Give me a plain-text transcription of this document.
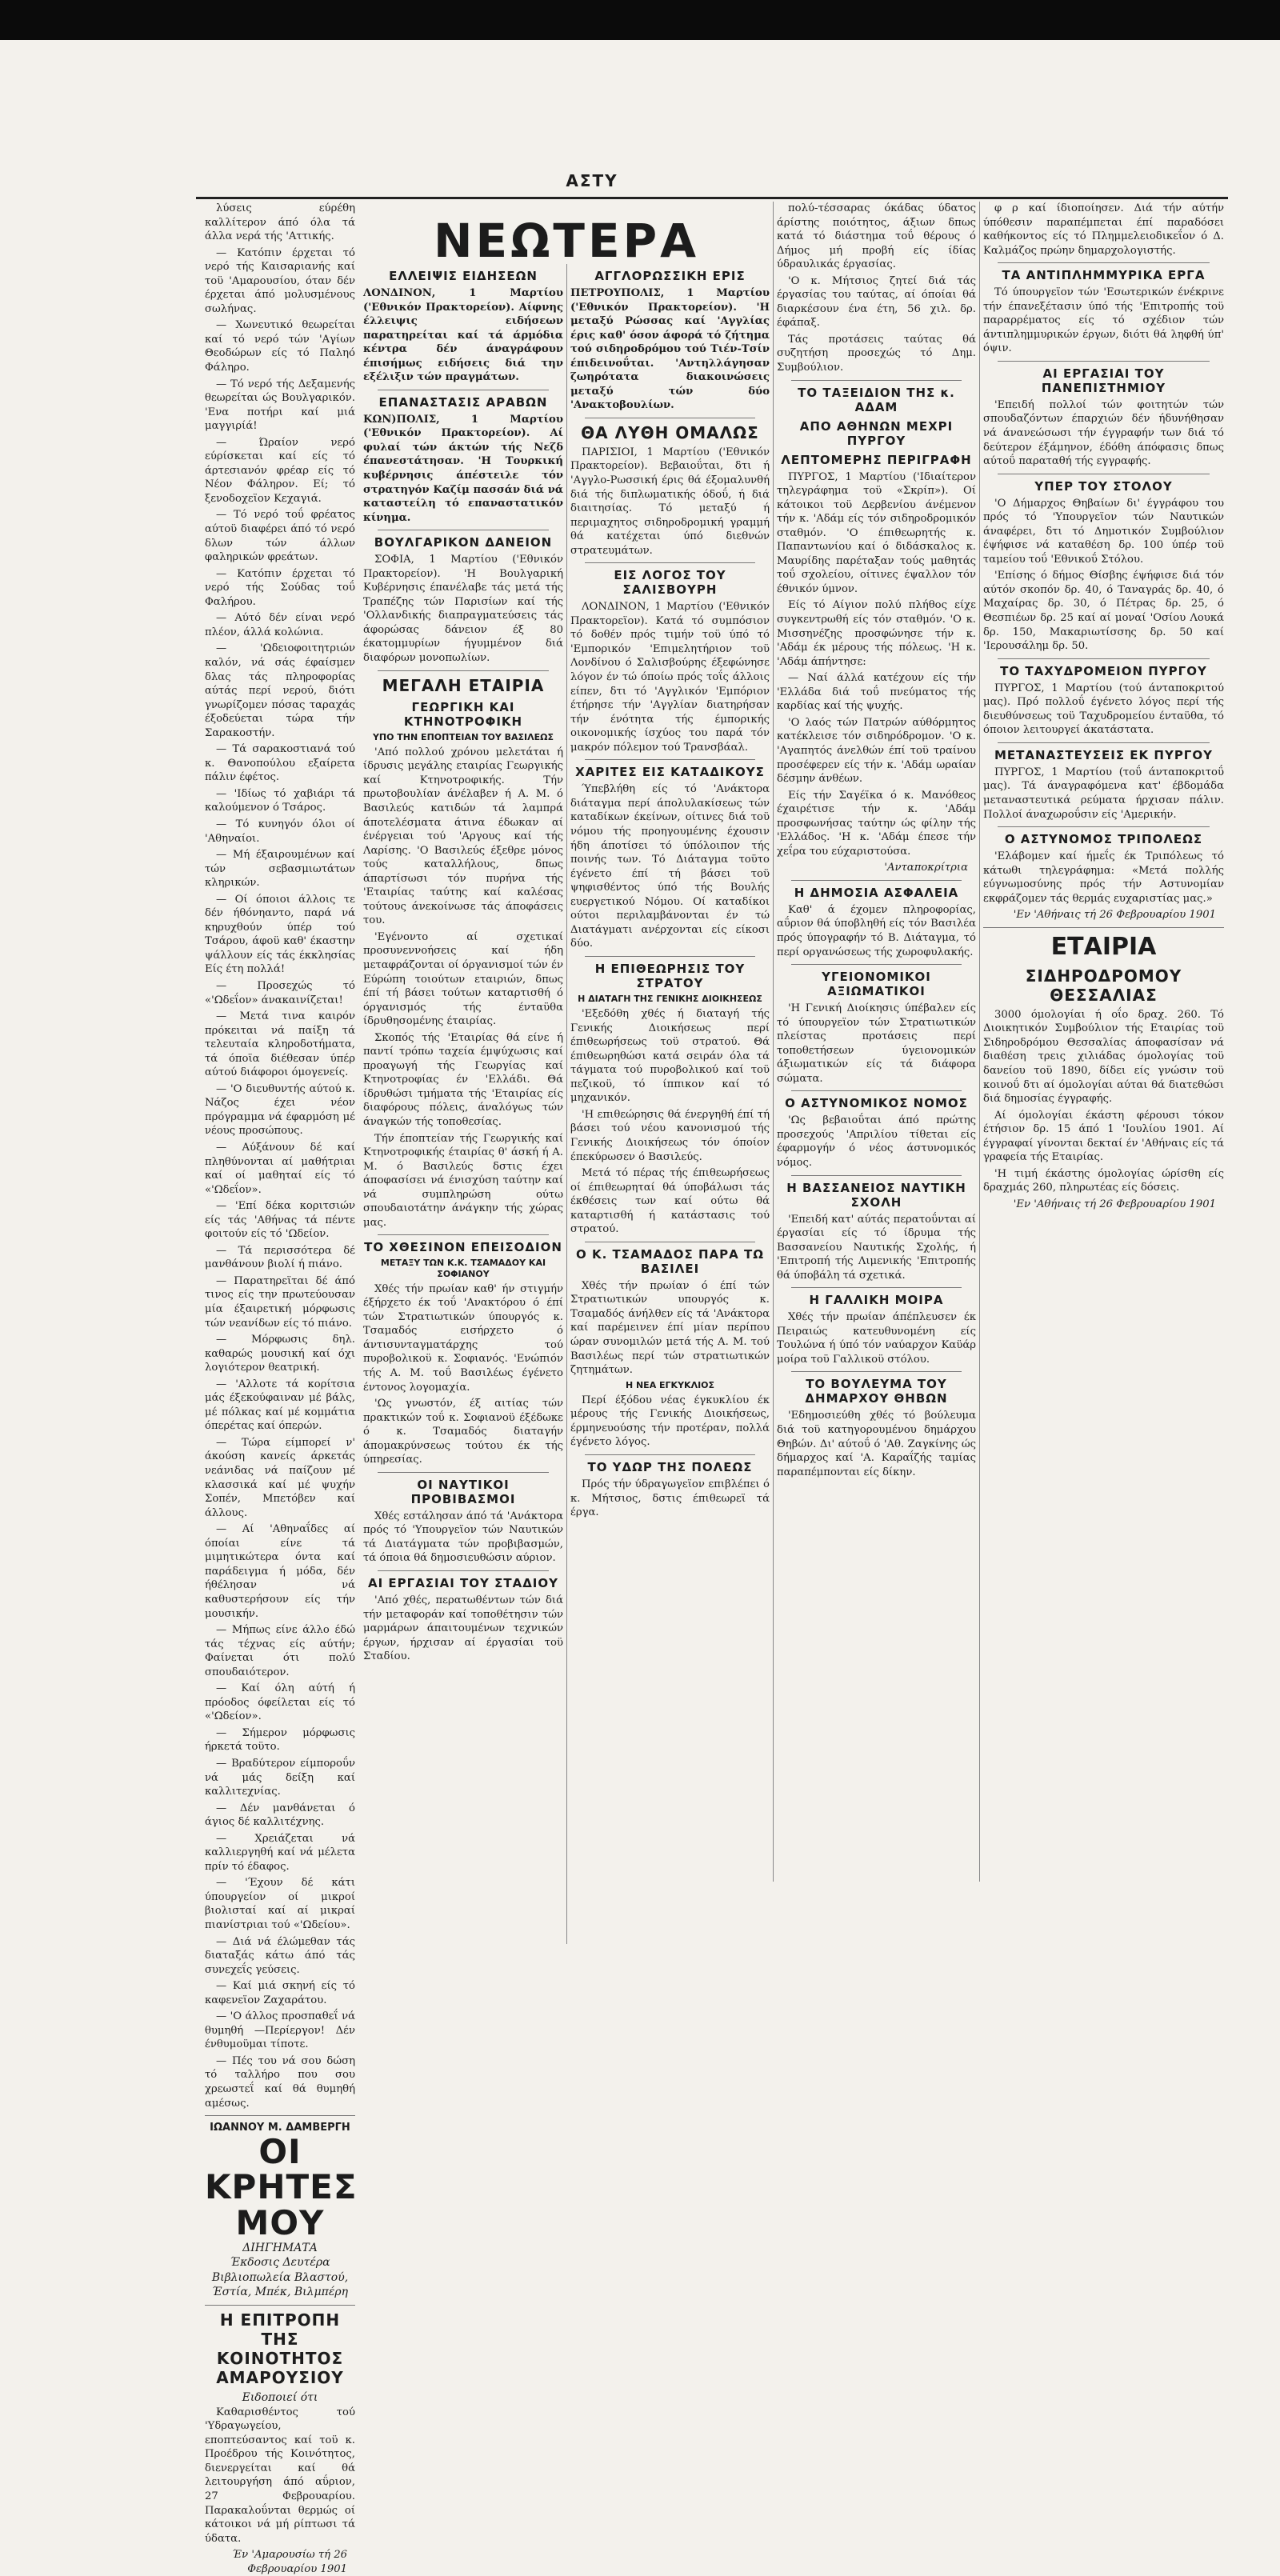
ΑΣΤΥ

λύσεις εύρέθη καλλίτερον άπό όλα τά άλλα νερά τής 'Αττικής.

— Κατόπιν έρχεται τό νερό τής Καισαριανής καί τοϋ 'Αμαρουσίου, όταν δέν έρχεται άπό μολυσμένους σωλήνας.

— Χωνευτικό θεωρείται καί τό νερό τών 'Αγίων Θεοδώρων είς τό Παληό Φάληρο.

— Τό νερό τής Δεξαμενής θεωρείται ώς Βουλγαρικόν. 'Ενα ποτήρι καί μιά μαγγιρίά!

— Ώραίον νερό εύρίσκεται καί είς τό άρτεσιανόν φρέαρ είς τό Νέον Φάληρον. Εί; τό ξενοδοχεϊον Κεχαγιά.

— Τό νερό τοΰ φρέατος αύτοϋ διαφέρει άπό τό νερό δλων τών άλλων φαληρικών φρεάτων.

— Κατόπιν έρχεται τό νερό τής Σούδας τοΰ Φαλήρου.

— Αύτό δέν είναι νερό πλέον, άλλά κολώνια.

— 'Ωδειοφοιτητριών καλόν, νά σάς έφαίσμεν δλας τάς πληροφορίας αύτάς περί νερού, διότι γνωρίζομεν πόσας ταραχάς έξοδεύεται τώρα τήν Σαρακοστήν.

— Τά σαρακοστιανά τού κ. Θανοπούλου εξαίρετα πάλιν έφέτος.

— 'Ιδίως τό χαβιάρι τά καλούμενον ό Τσάρος.

— Τό κυνηγόν όλοι οί 'Αθηναίοι.

— Μή έξαιρουμένων καί τών σεβασμιωτάτων κληρικών.

— Οί όποιοι άλλοις τε δέν ήθόνηαντο, παρά νά κηρυχθούν ύπέρ τού Τσάρου, άφοϋ καθ' έκαστην ψάλλουν είς τάς έκκλησίας Είς έτη πολλά!

— Προσεχώς τό «'Ωδεΐον» άνακαινίζεται!

— Μετά τινα καιρόν πρόκειται νά παίξη τά τελευταία κληροδοτήματα, τά όποϊα διέθεσαν ύπέρ αύτού διάφοροι όμογενείς.

— 'Ο διευθυντής αύτού κ. Νάζος έχει νέον πρόγραμμα νά έφαρμόση μέ νέους προσώπους.

— Αύξάνουν δέ καί πληθύνονται αί μαθήτριαι καί οί μαθηταί είς τό «'Ωδεΐον».

— 'Επί δέκα κοριτσιών είς τάς 'Αθήνας τά πέντε φοιτούν είς τό 'Ωδείον.

— Τά περισσότερα δέ μανθάνουν βιολί ή πιάνο.

— Παρατηρεϊται δέ άπό τινος είς την πρωτεύουσαν μία έξαιρετική μόρφωσις τών νεανίδων είς τό πιάνο.

— Μόρφωσις δηλ. καθαρώς μουσική καί όχι λογιότερον θεατρική.

— 'Αλλοτε τά κορίτσια μάς έξεκούφαιναν μέ βάλς, μέ πόλκας καί μέ κομμάτια όπερέτας καί όπερών.

— Τώρα είμπορεί ν' άκούση κανείς άρκετάς νεάνιδας νά παίζουν μέ κλασσικά καί μέ ψυχήν Σοπέν, Μπετόβεν καί άλλους.

— Αί 'Αθηναΐδες αί όποίαι είνε τά μιμητικώτερα όντα καί παράδειγμα ή μόδα, δέν ήθέλησαν νά καθυστερήσουν είς τήν μουσικήν.

— Μήπως είνε άλλο έδώ τάς τέχνας είς αύτήν; Φαίνεται ότι πολύ σπουδαιότερον.

— Καί όλη αύτή ή πρόοδος όφείλεται είς τό «'Ωδείον».

— Σήμερον μόρφωσις ήρκετά τοϋτο.

— Βραδύτερον είμποροΰν νά μάς δείξη καί καλλιτεχνίας.

— Δέν μανθάνεται ό άγιος δέ καλλιτέχνης.

— Χρειάζεται νά καλλιεργηθή καί νά μέλετα πρίν τό έδαφος.

— 'Έχουν δέ κάτι ύπουργείον οί μικροί βιολισταί καί αί μικραί πιανίστριαι τού «'Ωδείου».

— Διά νά έλώμεθαν τάς διαταξάς κάτω άπό τάς συνεχεΐς γεύσεις.

— Καί μιά σκηνή είς τό καφενεϊον Ζαχαράτου.

— 'Ο άλλος προσπαθεΐ νά θυμηθή —Περίεργον! Δέν ένθυμοϋμαι τίποτε.

— Πές του νά σου δώση τό ταλλήρο που σου χρεωστεΐ καί θά θυμηθή αμέσως.

ΙΩΑΝΝΟΥ Μ. ΔΑΜΒΕΡΓΗ
ΟΙ ΚΡΗΤΕΣ ΜΟΥ
ΔΙΗΓΗΜΑΤΑ
Έκδοσις Δευτέρα
Βιβλιοπωλεία Βλαστού, Έστία, Μπέκ, Βιλμπέρη
Η ΕΠΙΤΡΟΠΗ ΤΗΣ ΚΟΙΝΟΤΗΤΟΣ ΑΜΑΡΟΥΣΙΟΥ
Ειδοποιεί ότι

Καθαρισθέντος τού 'Υδραγωγείου, εποπτεύσαντος καί τοϋ κ. Προέδρου τής Κοινότητος, διενεργείται καί θά λειτουργήση άπό αΰριον, 27 Φεβρουαρίου. Παρακαλοΰνται θερμώς οί κάτοικοι νά μή ρίπτωσι τά ύδατα.

Έν 'Αμαρουσίω τή 26 Φεβρουαρίου 1901

ΝΕΩΤΕΡΑ
ΕΛΛΕΙΨΙΣ ΕΙΔΗΣΕΩΝ

ΛΟΝΔΙΝΟΝ, 1 Μαρτίου ('Εθνικόν Πρακτορείον). Αίφνης έλλειψις ειδήσεων παρατηρείται καί τά άρμόδια κέντρα δέν άναγράφουν έπισήμως ειδήσεις διά την εξέλιξιν τών πραγμάτων.

ΕΠΑΝΑΣΤΑΣΙΣ ΑΡΑΒΩΝ

ΚΩΝ)ΠΟΛΙΣ, 1 Μαρτίου ('Εθνικόν Πρακτορείον). Αί φυλαί τών άκτών τής Νεζδ έπανεστάτησαν. 'Η Τουρκική κυβέρνησις άπέστειλε τόν στρατηγόν Καζίμ πασσάν διά νά καταστείλη τό επαναστατικόν κίνημα.

ΒΟΥΛΓΑΡΙΚΟΝ ΔΑΝΕΙΟΝ

ΣΟΦΙΑ, 1 Μαρτίου ('Εθνικόν Πρακτορείον). 'Η Βουλγαρική Κυβέρνησις έπανέλαβε τάς μετά τής Τραπέζης τών Παρισίων καί τής 'Ολλανδικής διαπραγματεύσεις τάς άφορώσας δάνειον έξ 80 έκατομμυρίων ήγυμμένον διά διαφόρων μονοπωλίων.

ΜΕΓΑΛΗ ΕΤΑΙΡΙΑ
ΓΕΩΡΓΙΚΗ ΚΑΙ ΚΤΗΝΟΤΡΟΦΙΚΗ
ΥΠΟ ΤΗΝ ΕΠΟΠΤΕΙΑΝ ΤΟΥ ΒΑΣΙΛΕΩΣ

'Από πολλού χρόνου μελετάται ή ίδρυσις μεγάλης εταιρίας Γεωργικής καί Κτηνοτροφικής. Τήν πρωτοβουλίαν άνέλαβεν ή Α. Μ. ό Βασιλεύς κατιδών τά λαμπρά άποτελέσματα άτινα έδωκαν αί ένέργειαι τού 'Αργους καί τής Λαρίσης. 'Ο Βασιλεύς έξεθρε μόνος τούς καταλλήλους, δπως άπαρτίσωσι τόν πυρήνα τής 'Εταιρίας ταύτης καί καλέσας τούτους άνεκοίνωσε τάς άποφάσεις του.

'Εγένοντο αί σχετικαί προσυνεννοήσεις καί ήδη μεταφράζονται οί όργανισμοί τών έν Εύρώπη τοιούτων εταιριών, δπως έπί τή βάσει τούτων καταρτισθή ό όργανισμός τής ένταϋθα ίδρυθησομένης έταιρίας.

Σκοπός τής 'Εταιρίας θά είνε ή παντί τρόπω ταχεία έμψύχωσις καί προαγωγή τής Γεωργίας καί Κτηνοτροφίας έν 'Ελλάδι. Θά ίδρυθώσι τμήματα τής 'Εταιρίας είς διαφόρους πόλεις, άναλόγως τών άναγκών τής τοποθεσίας.

Τήν έποπτείαν τής Γεωργικής καί Κτηνοτροφικής έταιρίας θ' άσκή ή Α. Μ. ό Βασιλεύς δστις έχει άποφασίσει νά ένισχύση ταύτην καί νά συμπληρώση ούτω σπουδαιοτάτην άνάγκην τής χώρας μας.

ΤΟ ΧΘΕΣΙΝΟΝ ΕΠΕΙΣΟΔΙΟΝ
ΜΕΤΑΞΥ ΤΩΝ Κ.Κ. ΤΣΑΜΑΔΟΥ ΚΑΙ ΣΟΦΙΑΝΟΥ

Χθές τήν πρωίαν καθ' ήν στιγμήν έξήρχετο έκ τοΰ 'Ανακτόρου ό έπί τών Στρατιωτικών ύπουργός κ. Τσαμαδός εισήρχετο ό άντισυνταγματάρχης τού πυροβολικοϋ κ. Σοφιανός. 'Ενώπιόν τής Α. Μ. τοΰ Βασιλέως έγένετο έντονος λογομαχία.

'Ως γνωστόν, έξ αιτίας τών πρακτικών τοΰ κ. Σοφιανοϋ έξέδωκε ό κ. Τσαμαδός διαταγήν άπομακρύνσεως τούτου έκ τής ύπηρεσίας.

ΟΙ ΝΑΥΤΙΚΟΙ ΠΡΟΒΙΒΑΣΜΟΙ

Χθές εστάλησαν άπό τά 'Ανάκτορα πρός τό 'Υπουργεϊον τών Ναυτικών τά Διατάγματα τών προβιβασμών, τά όποια θά δημοσιευθώσιν αύριον.

ΑΙ ΕΡΓΑΣΙΑΙ ΤΟΥ ΣΤΑΔΙΟΥ

'Από χθές, περατωθέντων τών διά τήν μεταφοράν καί τοποθέτησιν τών μαρμάρων άπαιτουμένων τεχνικών έργων, ήρχισαν αί έργασίαι τοϋ Σταδίου.

ΑΓΓΛΟΡΩΣΣΙΚΗ ΕΡΙΣ

ΠΕΤΡΟΥΠΟΛΙΣ, 1 Μαρτίου ('Εθνικόν Πρακτορείον). 'Η μεταξύ Ρώσσας καί 'Αγγλίας έρις καθ' όσον άφορά τό ζήτημα τού σιδηροδρόμου τού Τιέν-Τσίν έπιδεινοΰται. 'Αντηλλάγησαν ζωηρότατα διακοινώσεις μεταξύ τών δύο 'Ανακτοβουλίων.

ΘΑ ΛΥΘΗ ΟΜΑΛΩΣ

ΠΑΡΙΣΙΟΙ, 1 Μαρτίου ('Εθνικόν Πρακτορείον). Βεβαιοΰται, δτι ή 'Αγγλο-Ρωσσική έρις θά έξομαλυνθή διά τής διπλωματικής όδοΰ, ή διά διαιτησίας. Τό μεταξύ ή περιμαχητος σιδηροδρομική γραμμή θά κατέχεται ύπό διεθνών στρατευμάτων.

ΕΙΣ ΛΟΓΟΣ ΤΟΥ ΣΑΛΙΣΒΟΥΡΗ

ΛΟΝΔΙΝΟΝ, 1 Μαρτίου ('Εθνικόν Πρακτορεϊον). Κατά τό συμπόσιον τό δοθέν πρός τιμήν τοϋ ύπό τό 'Εμπορικόν 'Επιμελητήριον τοϋ Λονδίνου ό Σαλισβούρης έξεφώνησε λόγον έν τώ όποίω πρός τοΐς άλλοις είπεν, δτι τό 'Αγγλικόν 'Εμπόριον έτήρησε τήν 'Αγγλίαν διατηρήσαν τήν ένότητα τής έμπορικής οικονομικής ίσχύος του παρά τόν μακρόν πόλεμον τού Τρανσβάαλ.

ΧΑΡΙΤΕΣ ΕΙΣ ΚΑΤΑΔΙΚΟΥΣ

Ύπεβλήθη είς τό 'Ανάκτορα διάταγμα περί άπολυλακίσεως τών καταδίκων έκείνων, οίτινες διά τοϋ νόμου τής προηγουμένης έχουσιν ήδη άποτίσει τό ύπόλοιπον τής ποινής των. Τό Διάταγμα τοϋτο έγένετο έπί τή βάσει τοϋ ψηφισθέντος ύπό τής Βουλής ευεργετικού Νόμου. Οί καταδίκοι ούτοι περιλαμβάνονται έν τώ Διατάγματι ανέρχονται είς είκοσι δύο.

Η ΕΠΙΘΕΩΡΗΣΙΣ ΤΟΥ ΣΤΡΑΤΟΥ
Η ΔΙΑΤΑΓΗ ΤΗΣ ΓΕΝΙΚΗΣ ΔΙΟΙΚΗΣΕΩΣ

'Εξεδόθη χθές ή διαταγή τής Γενικής Διοικήσεως περί έπιθεωρήσεως τοϋ στρατού. Θά έπιθεωρηθώσι κατά σειράν όλα τά τάγματα τού πυροβολικού καί τοϋ πεζικοϋ, τό ίππικον καί τό μηχανικόν.

'Η επιθεώρησις θά ένεργηθή έπί τή βάσει τού νέου κανονισμού τής Γενικής Διοικήσεως τόν όποίον έπεκύρωσεν ό Βασιλεύς.

Μετά τό πέρας τής έπιθεωρήσεως οί έπιθεωρηταί θά ύποβάλωσι τάς έκθέσεις των καί ούτω θά καταρτισθή ή κατάστασις τού στρατού.

Ο Κ. ΤΣΑΜΑΔΟΣ ΠΑΡΑ ΤΩ ΒΑΣΙΛΕΙ

Χθές τήν πρωίαν ό έπί τών Στρατιωτικών υπουργός κ. Τσαμαδός άνήλθεν είς τά 'Ανάκτορα καί παρέμεινεν έπί μίαν περίπου ώραν συνομιλών μετά τής Α. Μ. τού Βασιλέως περί τών στρατιωτικών ζητημάτων.

Η ΝΕΑ ΕΓΚΥΚΛΙΟΣ

Περί έξόδου νέας έγκυκλίου έκ μέρους τής Γενικής Διοικήσεως, έρμηνευούσης τήν προτέραν, πολλά έγένετο λόγος.

ΤΟ ΥΔΩΡ ΤΗΣ ΠΟΛΕΩΣ

Πρός τήν ύδραγωγεϊον επιβλέπει ό κ. Μήτσιος, δστις έπιθεωρεϊ τά έργα.

πολύ-τέσσαρας όκάδας ύδατος άρίστης ποιότητος, άξιων δπως κατά τό διάστημα τοΰ θέρους ό Δήμος μή πρoβή είς ίδίας ύδραυλικάς έργασίας.

'Ο κ. Μήτσιος ζητεί διά τάς έργασίας του ταύτας, αί όποίαι θά διαρκέσουν ένα έτη, 56 χιλ. δρ. έφάπαξ.

Τάς προτάσεις ταύτας θά συζητήση προσεχώς τό Δημ. Συμβούλιον.

ΤΟ ΤΑΞΕΙΔΙΟΝ ΤΗΣ κ. ΑΔΑΜ
ΑΠΟ ΑΘΗΝΩΝ ΜΕΧΡΙ ΠΥΡΓΟΥ
ΛΕΠΤΟΜΕΡΗΣ ΠΕΡΙΓΡΑΦΗ

ΠΥΡΓΟΣ, 1 Μαρτίου ('Ιδιαίτερον τηλεγράφημα τοϋ «Σκρίπ»). Οί κάτοικοι τοϋ Δερβενίου άνέμενον τήν κ. 'Αδάμ είς τόν σιδηροδρομικόν σταθμόν. 'Ο έπιθεωρητής κ. Παπαντωνίου καί ό διδάσκαλος κ. Μαυρίδης παρέταξαν τούς μαθητάς τοΰ σχολείου, οίτινες έψαλλον τόν έθνικόν ύμνον.

Είς τό Αίγιον πολύ πλήθος είχε συγκεντρωθή είς τόν σταθμόν. 'Ο κ. Μισσηνέζης προσφώνησε τήν κ. 'Αδάμ έκ μέρους τής πόλεως. 'Η κ. 'Αδάμ άπήντησε:

— Ναί άλλά κατέχουν είς τήν 'Ελλάδα διά τοΰ πνεύματος τής καρδίας καί τής ψυχής.

'Ο λαός τών Πατρών αύθόρμητος κατέκλεισε τόν σιδηρόδρομον. 'Ο κ. 'Αγαπητός άνελθών έπί τοϋ τραίνου προσέφερεν είς τήν κ. 'Αδάμ ωραίαν δέσμην άνθέων.

Είς τήν Σαγέϊκα ό κ. Μανόθεος έχαιρέτισε τήν κ. 'Αδάμ προσφωνήσας ταύτην ώς φίλην τής 'Ελλάδος. 'Η κ. 'Αδάμ έπεσε τήν χεΐρα του εύχαριστούσα.

'Ανταποκρίτρια

Η ΔΗΜΟΣΙΑ ΑΣΦΑΛΕΙΑ

Καθ' ά έχομεν πληροφορίας, αΰριον θά ύποβληθή είς τόν Βασιλέα πρός ύπογραφήν τό Β. Διάταγμα, τό περί οργανώσεως τής χωροφυλακής.

ΥΓΕΙΟΝΟΜΙΚΟΙ ΑΞΙΩΜΑΤΙΚΟΙ

'Η Γενική Διοίκησις ύπέβαλεν είς τό ύπουργεϊον τών Στρατιωτικών πλείστας προτάσεις περί τοποθετήσεων ύγειονομικών άξιωματικών είς τά διάφορα σώματα.

Ο ΑΣΤΥΝΟΜΙΚΟΣ ΝΟΜΟΣ

'Ως βεβαιοΰται άπό πρώτης προσεχούς 'Απριλίου τίθεται είς έφαρμογήν ό νέος άστυνομικός νόμος.

Η ΒΑΣΣΑΝΕΙΟΣ ΝΑΥΤΙΚΗ ΣΧΟΛΗ

'Επειδή κατ' αύτάς περατοΰνται αί έργασίαι είς τό ίδρυμα τής Βασσανείου Ναυτικής Σχολής, ή 'Επιτροπή τής Λιμενικής 'Επιτροπής θά ύποβάλη τά σχετικά.

Η ΓΑΛΛΙΚΗ ΜΟΙΡΑ

Χθές τήν πρωίαν άπέπλευσεν έκ Πειραιώς κατευθυνομένη είς Τουλώνα ή ύπό τόν ναύαρχον Καϋάρ μοίρα τοϋ Γαλλικοϋ στόλου.

ΤΟ ΒΟΥΛΕΥΜΑ ΤΟΥ ΔΗΜΑΡΧΟΥ ΘΗΒΩΝ

'Εδημοσιεύθη χθές τό βούλευμα διά τοϋ κατηγορουμένου δημάρχου Θηβών. Δι' αύτοΰ ό 'Αθ. Ζαγκίνης ώς δήμαρχος καί 'Α. Καραΐζής ταμίας παραπέμπονται είς δίκην.

φ ρ καί ίδιοποίησεν. Διά τήν αύτήν ύπόθεσιν παραπέμπεται έπί παραδόσει καθήκοντος είς τό Πλημμελειοδικεΐον ό Δ. Καλμάζος πρώην δημαρχολογιστής.

ΤΑ ΑΝΤΙΠΛΗΜΜΥΡΙΚΑ ΕΡΓΑ

Τό ύπουργεϊον τών 'Εσωτερικών ένέκρινε τήν έπανεξέτασιν ύπό τής 'Επιτροπής τοϋ παραρρέματος είς τό σχέδιον τών άντιπλημμυρικών έργων, διότι θά ληφθή ύπ' όψιν.

ΑΙ ΕΡΓΑΣΙΑΙ ΤΟΥ ΠΑΝΕΠΙΣΤΗΜΙΟΥ

'Επειδή πολλοί τών φοιτητών τών σπουδαζόντων έπαρχιών δέν ήδυνήθησαν νά άνανεώσωσι τήν έγγραφήν των διά τό δεύτερον έξάμηνον, έδόθη άπόφασις δπως αύτοΰ παραταθή τής εγγραφής.

ΥΠΕΡ ΤΟΥ ΣΤΟΛΟΥ

'Ο Δήμαρχος Θηβαίων δι' έγγράφου του πρός τό 'Υπουργεϊον τών Ναυτικών άναφέρει, δτι τό Δημοτικόν Συμβούλιον έψήφισε νά καταθέση δρ. 100 ύπέρ τοϋ ταμείου τοΰ 'Εθνικοΰ Στόλου.

'Επίσης ό δήμος Θίσβης έψήφισε διά τόν αύτόν σκοπόν δρ. 40, ό Ταναγράς δρ. 40, ό Μαχαίρας δρ. 30, ό Πέτρας δρ. 25, ό Θεσπιέων δρ. 25 καί αί μοναί 'Οσίου Λουκά δρ. 150, Μακαριωτίσσης δρ. 50 καί 'Ιερουσάλημ δρ. 50.

ΤΟ ΤΑΧΥΔΡΟΜΕΙΟΝ ΠΥΡΓΟΥ

ΠΥΡΓΟΣ, 1 Μαρτίου (τού άνταποκριτού μας). Πρό πολλοΰ έγένετο λόγος περί τής διευθύνσεως τοϋ Ταχυδρομείου ένταϋθα, τό όποιον λειτουργεί άκατάστατα.

ΜΕΤΑΝΑΣΤΕΥΣΕΙΣ ΕΚ ΠΥΡΓΟΥ

ΠΥΡΓΟΣ, 1 Μαρτίου (τοΰ άνταποκριτοΰ μας). Τά άναγραφόμενα κατ' έβδομάδα μεταναστευτικά ρεύματα ήρχισαν πάλιν. Πολλοί άναχωροΰσιν είς 'Αμερικήν.

Ο ΑΣΤΥΝΟΜΟΣ ΤΡΙΠΟΛΕΩΣ

'Ελάβομεν καί ήμεΐς έκ Τριπόλεως τό κάτωθι τηλεγράφημα: «Μετά πολλής εύγνωμοσύνης πρός τήν Αστυνομίαν εκφράζομεν τάς θερμάς ευχαριστίας μας.»

'Εν 'Αθήναις τή 26 Φεβρουαρίου 1901

ΕΤΑΙΡΙΑ
ΣΙΔΗΡΟΔΡΟΜΟΥ ΘΕΣΣΑΛΙΑΣ

3000 όμολογίαι ή οΐο δραχ. 260. Τό Διοικητικόν Συμβούλιον τής Εταιρίας τοϋ Σιδηροδρόμου Θεσσαλίας άποφασίσαν νά διαθέση τρεις χιλιάδας όμολογίας τοϋ δανείου τοϋ 1890, δίδει είς γνώσιν τοϋ κοινοΰ δτι αί όμολογίαι αύται θά διατεθώσι διά δημοσίας έγγραφής.

Αί όμολογίαι έκάστη φέρουσι τόκον έτήσιον δρ. 15 άπό 1 'Ιουλίου 1901. Αί έγγραφαί γίνονται δεκταί έν 'Αθήναις είς τά γραφεία τής Εταιρίας.

'Η τιμή έκάστης όμολογίας ώρίσθη είς δραχμάς 260, πληρωτέας είς δόσεις.

'Εν 'Αθήναις τή 26 Φεβρουαρίου 1901
